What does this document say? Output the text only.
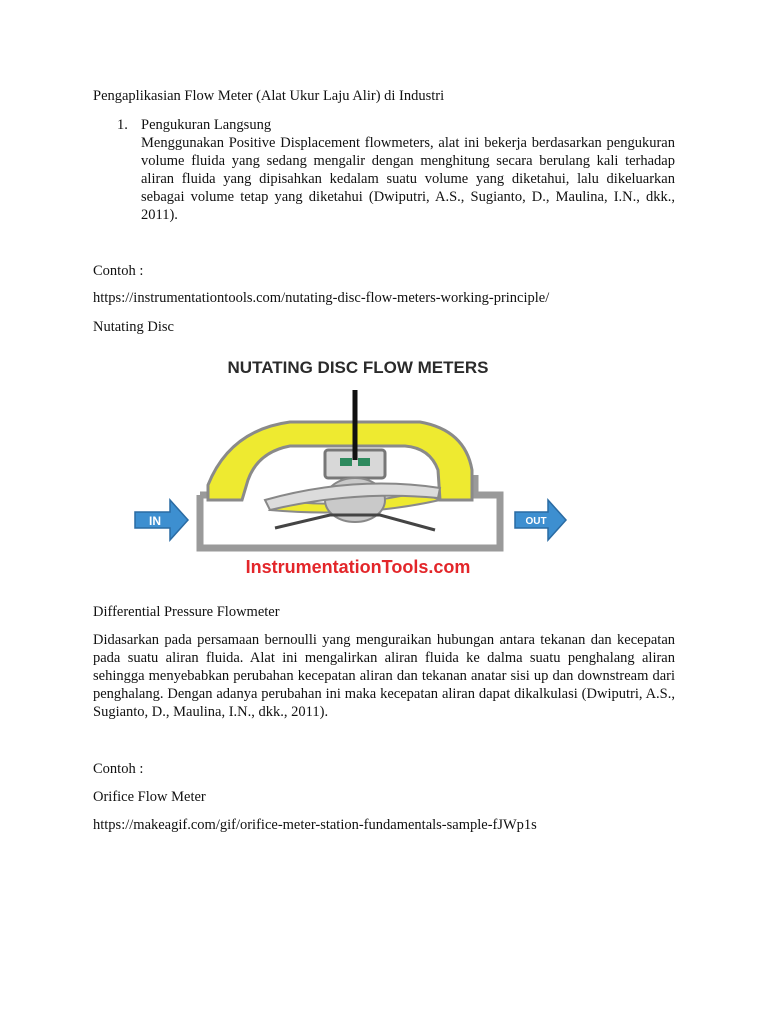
Pengaplikasian Flow Meter (Alat Ukur Laju Alir) di Industri

1. Pengukuran Langsung

Menggunakan Positive Displacement flowmeters, alat ini bekerja berdasarkan pengukuran volume fluida yang sedang mengalir dengan menghitung secara berulang kali terhadap aliran fluida yang dipisahkan kedalam suatu volume yang diketahui, lalu dikeluarkan sebagai volume tetap yang diketahui (Dwiputri, A.S., Sugianto, D., Maulina, I.N., dkk., 2011).

Contoh :

https://instrumentationtools.com/nutating-disc-flow-meters-working-principle/

Nutating Disc

NUTATING DISC FLOW METERS
IN	OUT
InstrumentationTools.com

Differential Pressure Flowmeter

Didasarkan pada persamaan bernoulli yang menguraikan hubungan antara tekanan dan kecepatan pada suatu aliran fluida. Alat ini mengalirkan aliran fluida ke dalma suatu penghalang aliran sehingga menyebabkan perubahan kecepatan aliran dan tekanan anatar sisi up dan downstream dari penghalang. Dengan adanya perubahan ini maka kecepatan aliran dapat dikalkulasi (Dwiputri, A.S., Sugianto, D., Maulina, I.N., dkk., 2011).

Contoh :

Orifice Flow Meter

https://makeagif.com/gif/orifice-meter-station-fundamentals-sample-fJWp1s
